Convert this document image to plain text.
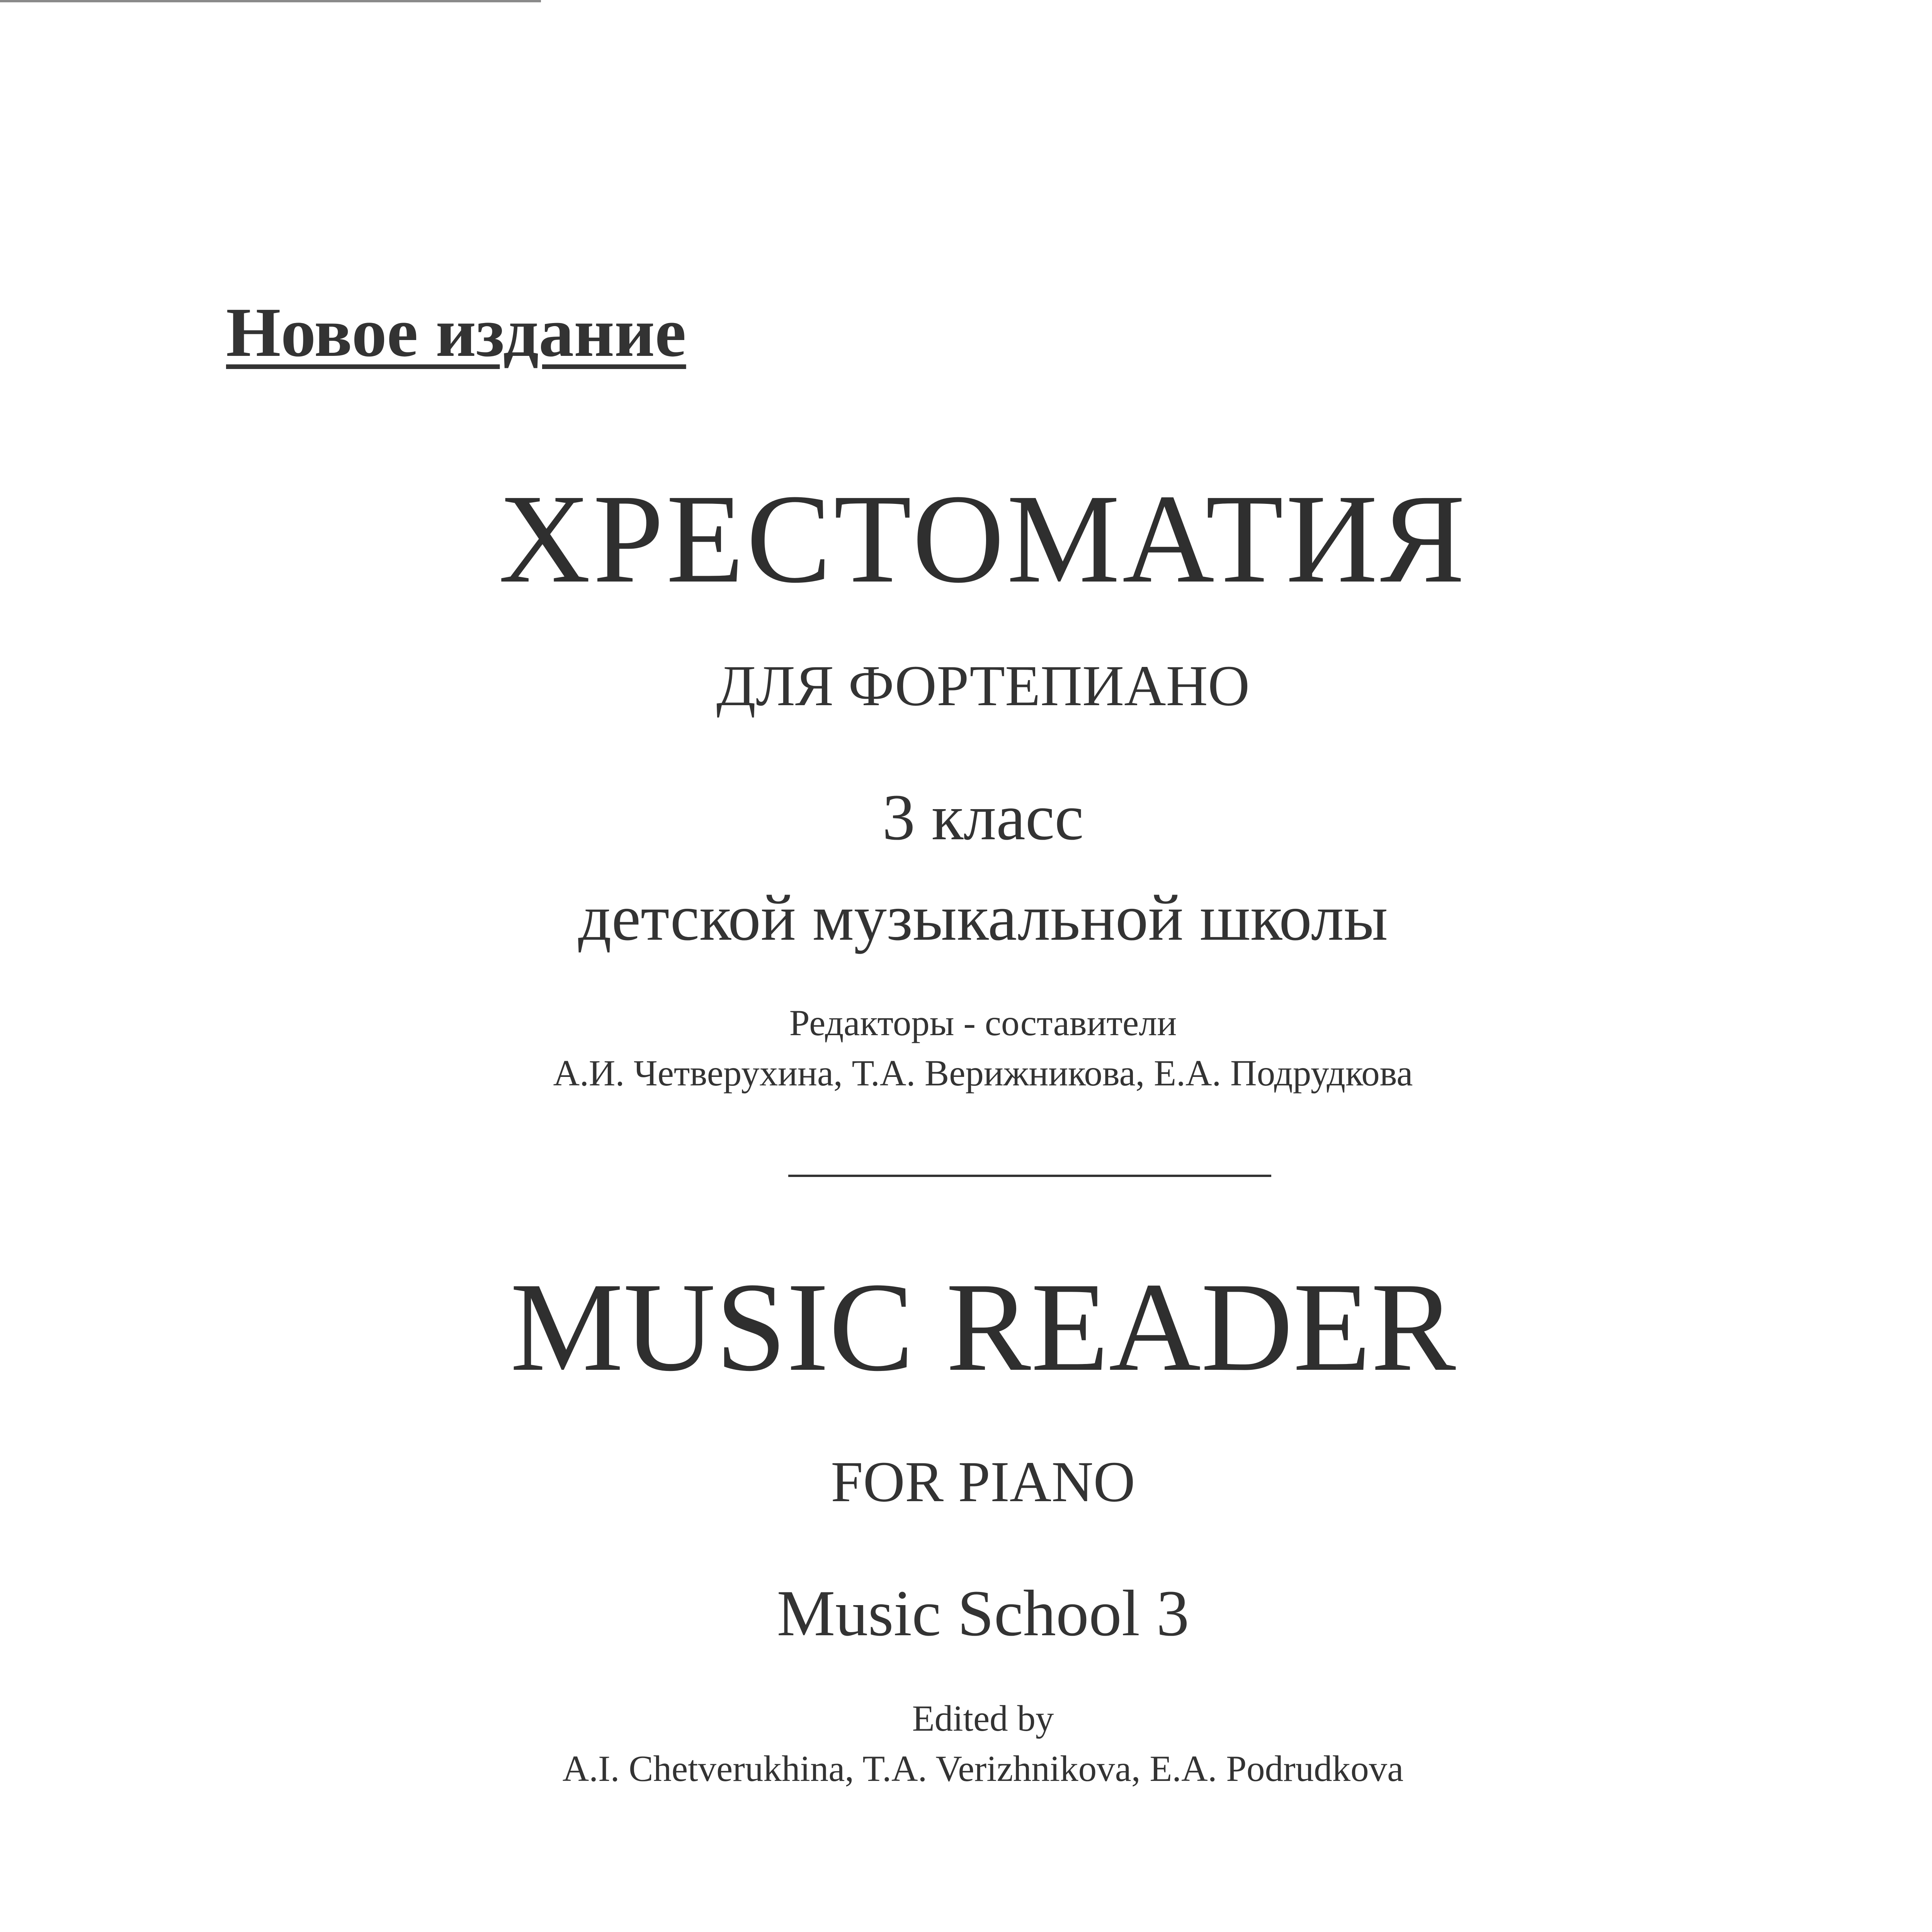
Новое издание
ХРЕСТОМАТИЯ
ДЛЯ ФОРТЕПИАНО
3 класс
детской музыкальной школы
Редакторы - составители
А.И. Четверухина, Т.А. Верижникова, Е.А. Подрудкова
MUSIC READER
FOR PIANO
Music School 3
Edited by
A.I. Chetverukhina, T.A. Verizhnikova, E.A. Podrudkova
